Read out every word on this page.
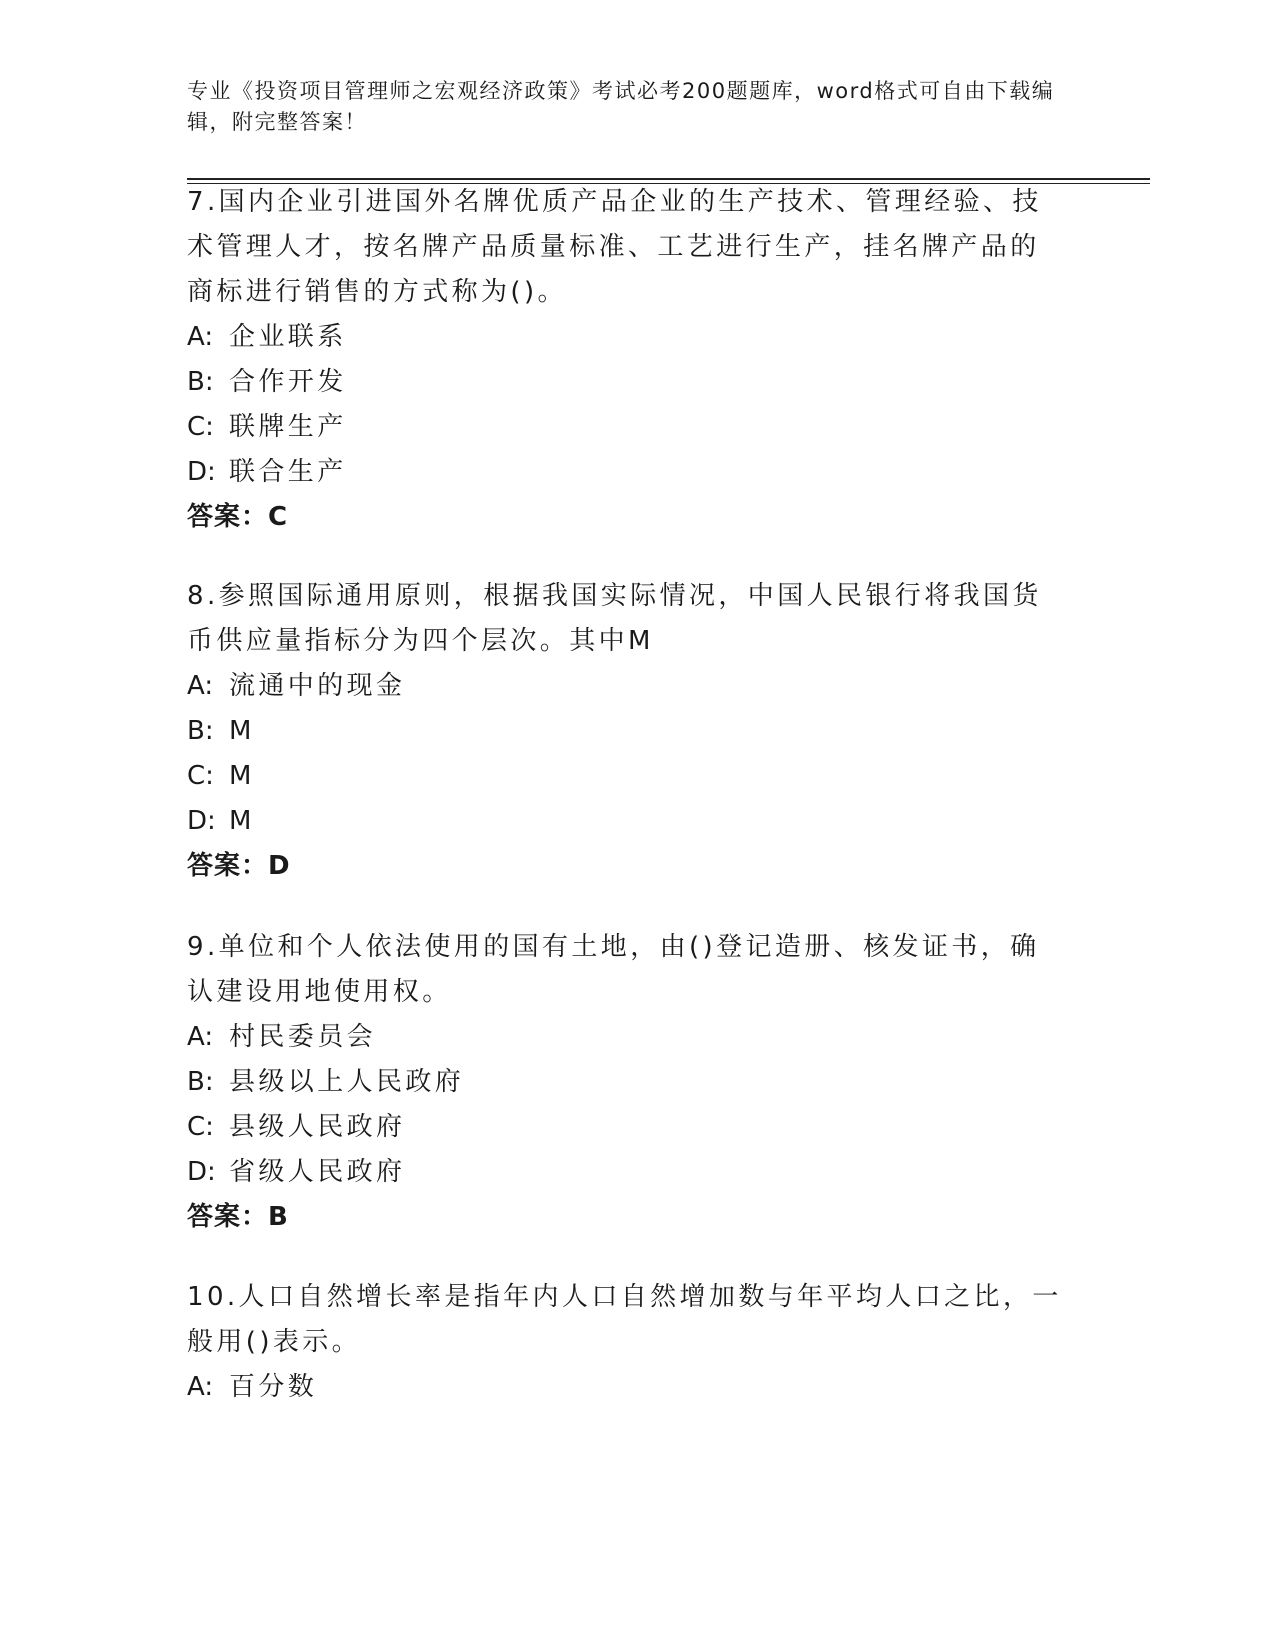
专业《投资项目管理师之宏观经济政策》考试必考200题题库，word格式可自由下载编辑，附完整答案！

7.国内企业引进国外名牌优质产品企业的生产技术、管理经验、技术管理人才，按名牌产品质量标准、工艺进行生产，挂名牌产品的商标进行销售的方式称为()。

A: 企业联系

B: 合作开发

C: 联牌生产

D: 联合生产

答案：C

8.参照国际通用原则，根据我国实际情况，中国人民银行将我国货币供应量指标分为四个层次。其中M

A: 流通中的现金

B: M

C: M

D: M

答案：D

9.单位和个人依法使用的国有土地，由()登记造册、核发证书，确认建设用地使用权。

A: 村民委员会

B: 县级以上人民政府

C: 县级人民政府

D: 省级人民政府

答案：B

10.人口自然增长率是指年内人口自然增加数与年平均人口之比，一般用()表示。

A: 百分数
